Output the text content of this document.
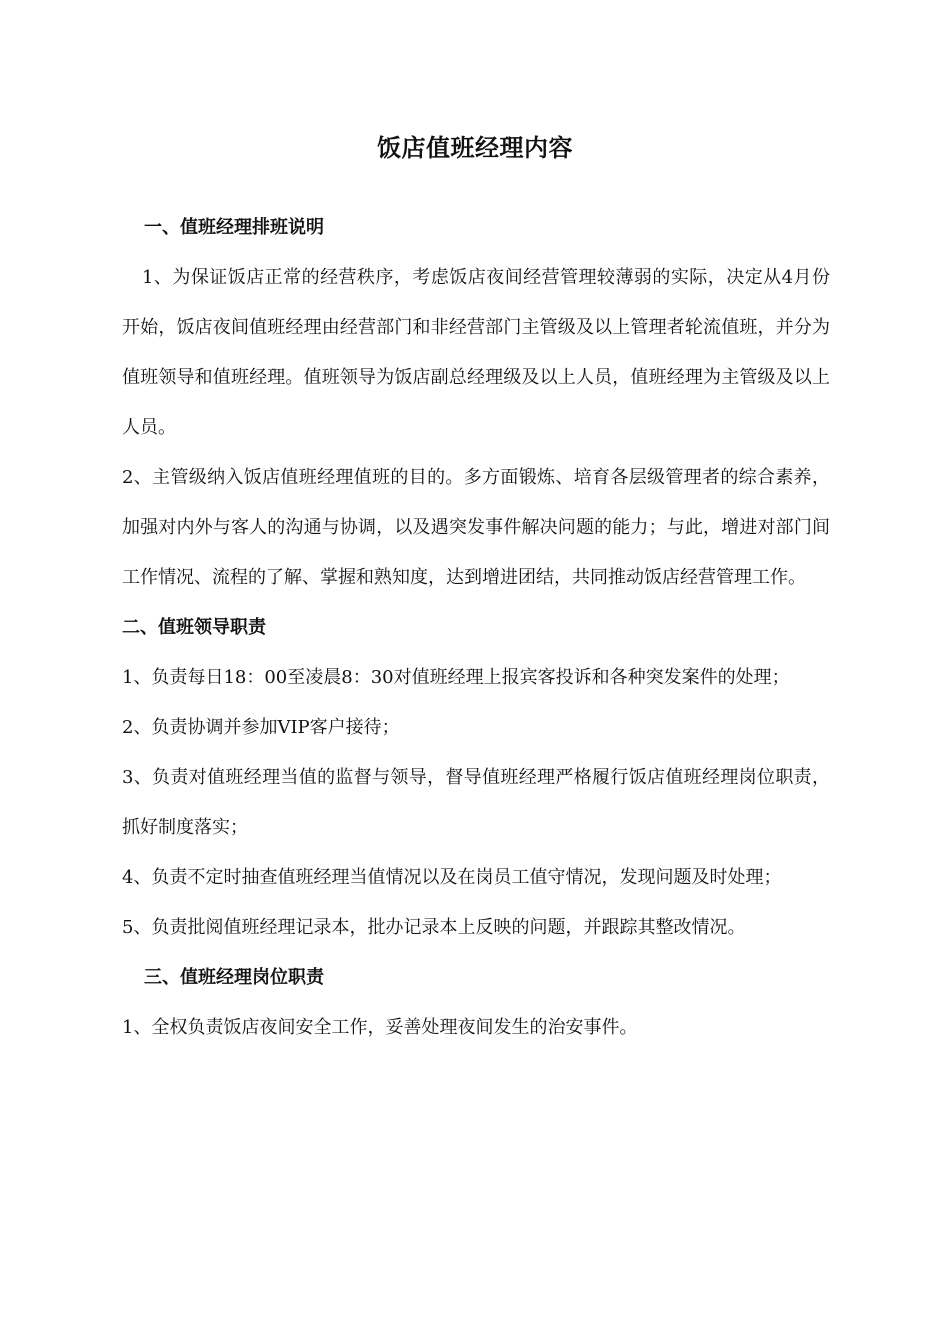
饭店值班经理内容

一、值班经理排班说明

1、为保证饭店正常的经营秩序，考虑饭店夜间经营管理较薄弱的实际，决定从4月份开始，饭店夜间值班经理由经营部门和非经营部门主管级及以上管理者轮流值班，并分为值班领导和值班经理。值班领导为饭店副总经理级及以上人员，值班经理为主管级及以上人员。

2、主管级纳入饭店值班经理值班的目的。多方面锻炼、培育各层级管理者的综合素养，加强对内外与客人的沟通与协调，以及遇突发事件解决问题的能力；与此，增进对部门间工作情况、流程的了解、掌握和熟知度，达到增进团结，共同推动饭店经营管理工作。

二、值班领导职责

1、负责每日18：00至凌晨8：30对值班经理上报宾客投诉和各种突发案件的处理；

2、负责协调并参加VIP客户接待；

3、负责对值班经理当值的监督与领导，督导值班经理严格履行饭店值班经理岗位职责，抓好制度落实；

4、负责不定时抽查值班经理当值情况以及在岗员工值守情况，发现问题及时处理；

5、负责批阅值班经理记录本，批办记录本上反映的问题，并跟踪其整改情况。

三、值班经理岗位职责

1、全权负责饭店夜间安全工作，妥善处理夜间发生的治安事件。
